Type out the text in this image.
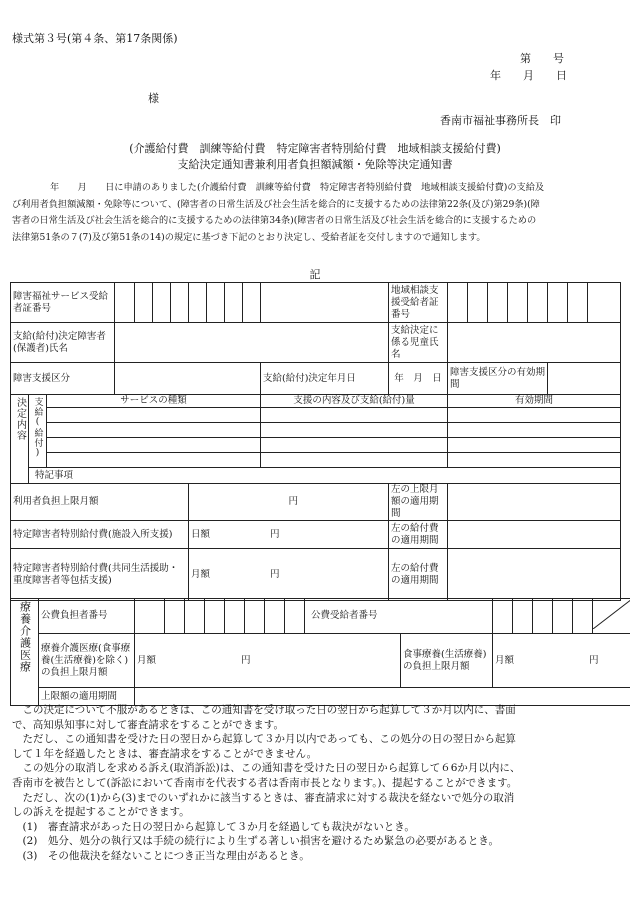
様式第３号(第４条、第17条関係)
第　　号
年　　月　　日
様
香南市福祉事務所長　印
(介護給付費　訓練等給付費　特定障害者特別給付費　地域相談支援給付費)
支給決定通知書兼利用者負担額減額・免除等決定通知書
年　　月　　日に申請のありました(介護給付費　訓練等給付費　特定障害者特別給付費　地域相談支援給付費)の支給及
び利用者負担額減額・免除等について、(障害者の日常生活及び社会生活を総合的に支援するための法律第22条(及び)第29条)(障
害者の日常生活及び社会生活を総合的に支援するための法律第34条)(障害者の日常生活及び社会生活を総合的に支援するための
法律第51条の７(7)及び第51条の14)の規定に基づき下記のとおり決定し、受給者証を交付しますので通知します。
記
障害福祉サービス受給者証番号												地域相談支援受給者証番号								
支給(給付)決定障害者(保護者)氏名												支給決定に係る児童氏名								
障害支援区分											支給(給付)決定年月日	年　月　日	障害支援区分の有効期間							
決定内容	支給(給付)	サービスの種類									支援の内容及び支給(給付)量		有効期間							

	特記事項																			
利用者負担上限月額							円					左の上限月額の適用期間								
特定障害者特別給付費(施設入所支援)							日額 円					左の給付費の適用期間								
特定障害者特別給付費(共同生活援助・重度障害者等包括支援)							月額 円					左の給付費の適用期間								
療養介護医療	公費負担者番号									公費受給者番号						
	療養介護医療(食事療養(生活療養)を除く)の負担上限月額	月額 円									食事療養(生活療養)の負担上限月額	月額 円					
	上限額の適用期間																

　この決定について不服があるときは、この通知書を受け取った日の翌日から起算して３か月以内に、書面

で、高知県知事に対して審査請求をすることができます。

　ただし、この通知書を受けた日の翌日から起算して３か月以内であっても、この処分の日の翌日から起算

して１年を経過したときは、審査請求をすることができません。

　この処分の取消しを求める訴え(取消訴訟)は、この通知書を受けた日の翌日から起算して６6か月以内に、

香南市を被告として(訴訟において香南市を代表する者は香南市長となります。)、提起することができます。

　ただし、次の(1)から(3)までのいずれかに該当するときは、審査請求に対する裁決を経ないで処分の取消

しの訴えを提起することができます。

　(1)　審査請求があった日の翌日から起算して３か月を経過しても裁決がないとき。

　(2)　処分、処分の執行又は手続の続行により生ずる著しい損害を避けるため緊急の必要があるとき。

　(3)　その他裁決を経ないことにつき正当な理由があるとき。
